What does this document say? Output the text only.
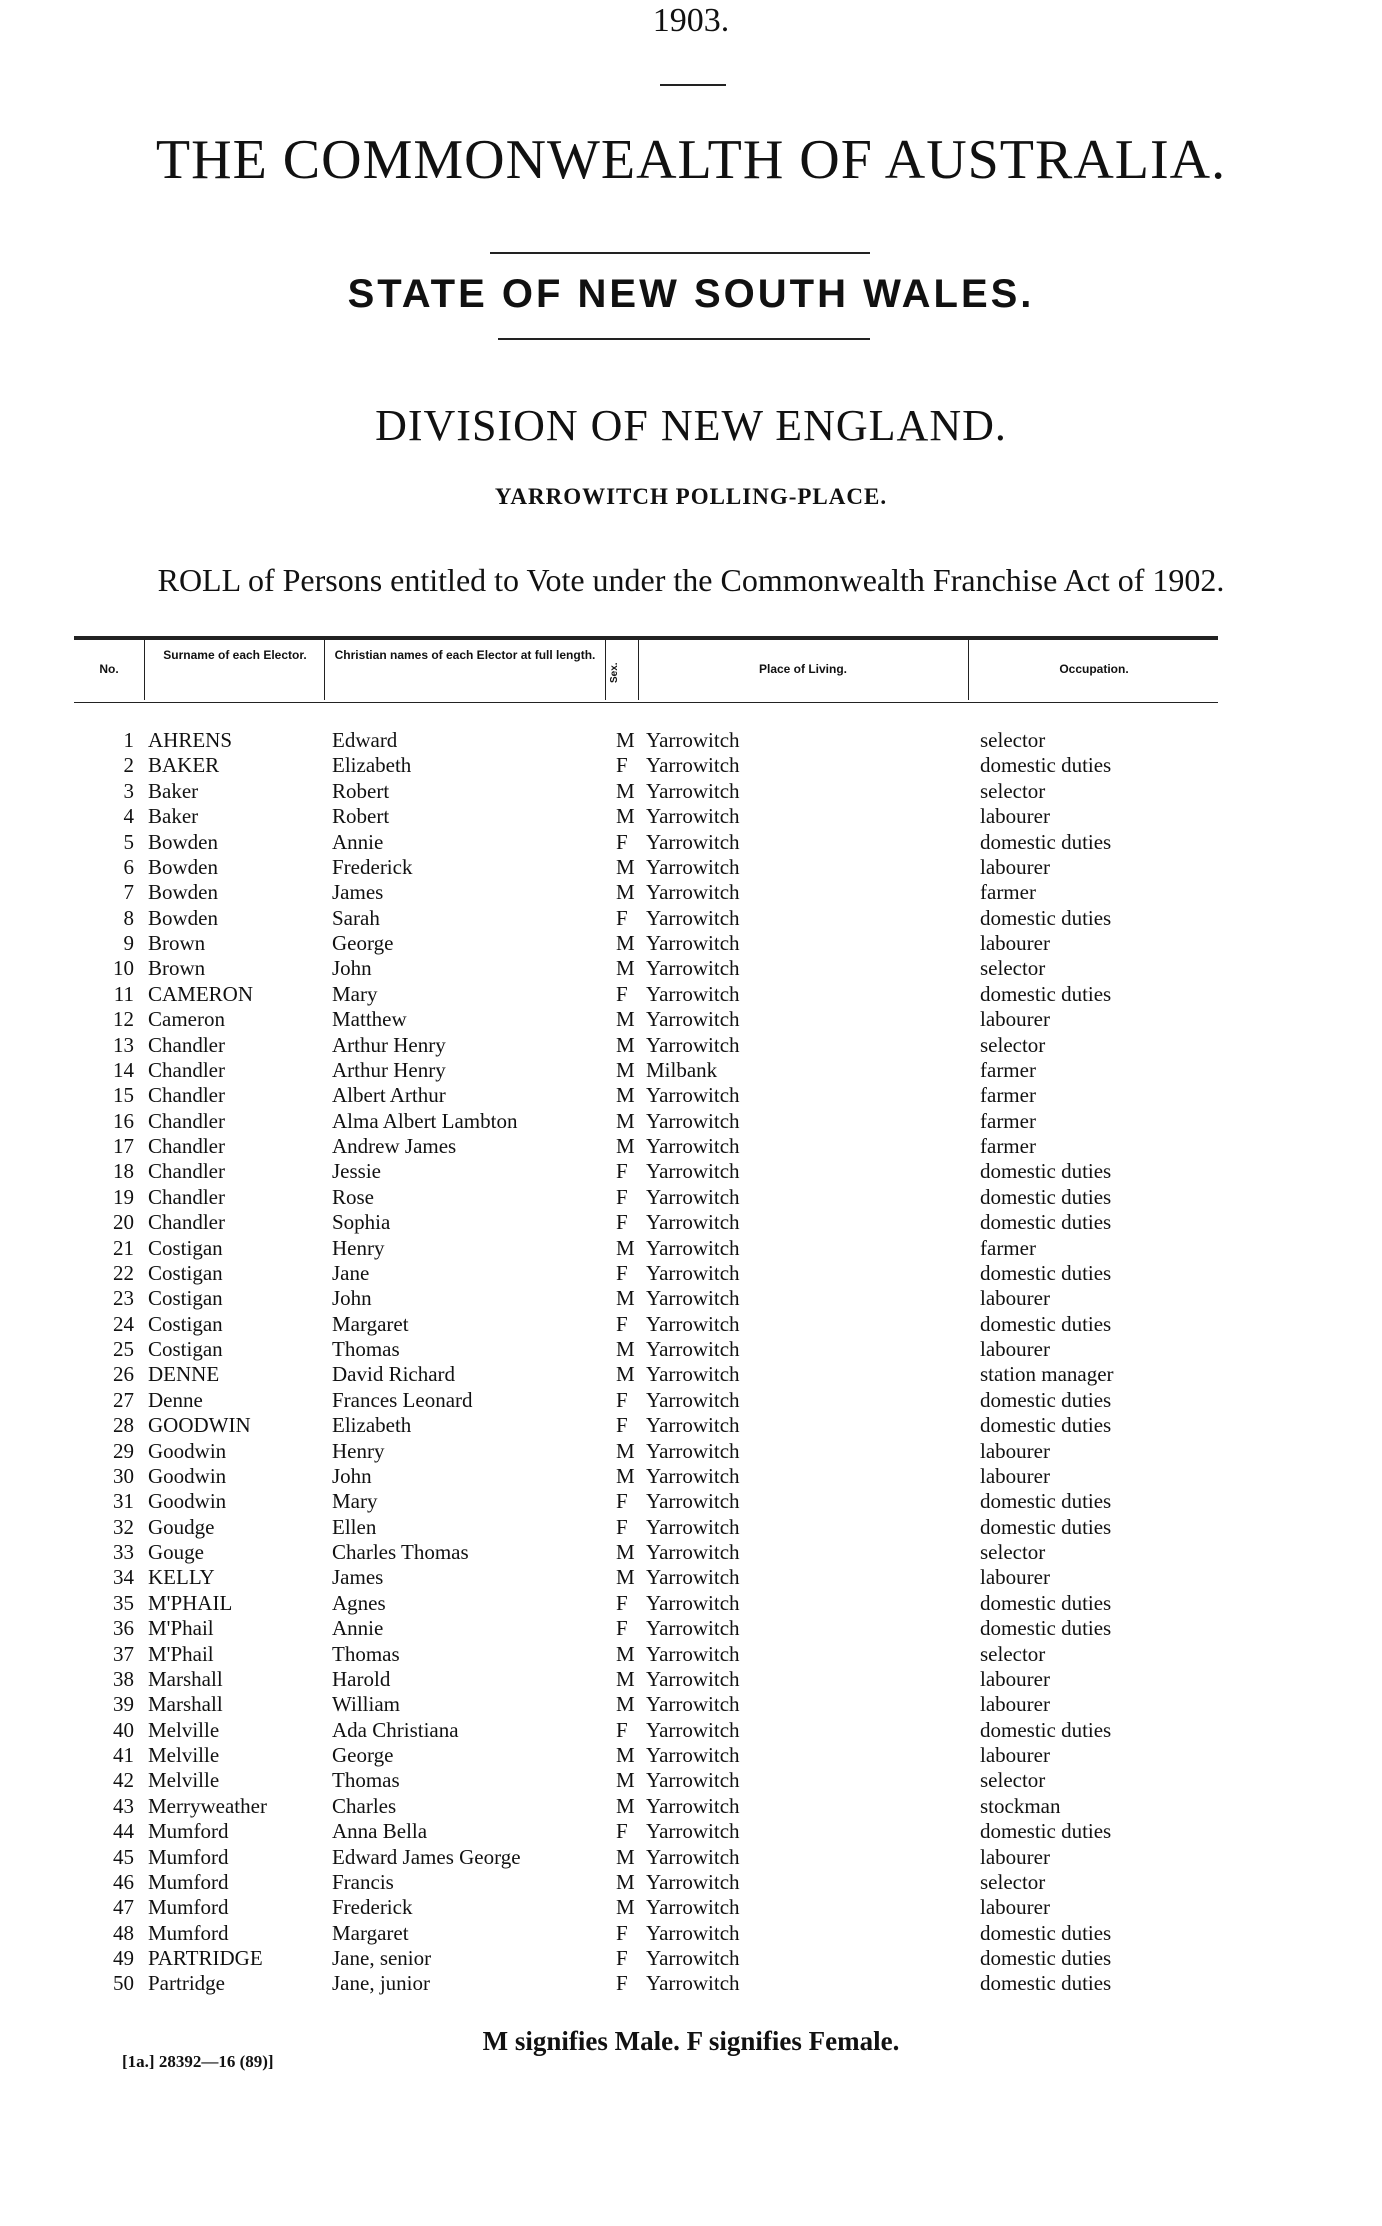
1903.
THE COMMONWEALTH OF AUSTRALIA.
STATE OF NEW SOUTH WALES.
DIVISION OF NEW ENGLAND.
YARROWITCH POLLING-PLACE.
ROLL of Persons entitled to Vote under the Commonwealth Franchise Act of 1902.
No.
Surname of each Elector.	Christian names of each Elector at full length.
Sex.	Place of Living.	Occupation.
1 AHRENS	Edward	M Yarrowitch	selector
2 BAKER	Elizabeth	F Yarrowitch	domestic duties
3 Baker	Robert	M Yarrowitch	selector
4 Baker	Robert	M Yarrowitch	labourer
5 Bowden	Annie	F Yarrowitch	domestic duties
6 Bowden	Frederick	M Yarrowitch	labourer
7 Bowden	James	M Yarrowitch	farmer
8 Bowden	Sarah	F Yarrowitch	domestic duties
9 Brown	George	M Yarrowitch	labourer
10 Brown	John	M Yarrowitch	selector
11 CAMERON	Mary	F Yarrowitch	domestic duties
12 Cameron	Matthew	M Yarrowitch	labourer
13 Chandler	Arthur Henry	M Yarrowitch	selector
14 Chandler	Arthur Henry	M Milbank	farmer
15 Chandler	Albert Arthur	M Yarrowitch	farmer
16 Chandler	Alma Albert Lambton	M Yarrowitch	farmer
17 Chandler	Andrew James	M Yarrowitch	farmer
18 Chandler	Jessie	F Yarrowitch	domestic duties
19 Chandler	Rose	F Yarrowitch	domestic duties
20 Chandler	Sophia	F Yarrowitch	domestic duties
21 Costigan	Henry	M Yarrowitch	farmer
22 Costigan	Jane	F Yarrowitch	domestic duties
23 Costigan	John	M Yarrowitch	labourer
24 Costigan	Margaret	F Yarrowitch	domestic duties
25 Costigan	Thomas	M Yarrowitch	labourer
26 DENNE	David Richard	M Yarrowitch	station manager
27 Denne	Frances Leonard	F Yarrowitch	domestic duties
28 GOODWIN	Elizabeth	F Yarrowitch	domestic duties
29 Goodwin	Henry	M Yarrowitch	labourer
30 Goodwin	John	M Yarrowitch	labourer
31 Goodwin	Mary	F Yarrowitch	domestic duties
32 Goudge	Ellen	F Yarrowitch	domestic duties
33 Gouge	Charles Thomas	M Yarrowitch	selector
34 KELLY	James	M Yarrowitch	labourer
35 M'PHAIL	Agnes	F Yarrowitch	domestic duties
36 M'Phail	Annie	F Yarrowitch	domestic duties
37 M'Phail	Thomas	M Yarrowitch	selector
38 Marshall	Harold	M Yarrowitch	labourer
39 Marshall	William	M Yarrowitch	labourer
40 Melville	Ada Christiana	F Yarrowitch	domestic duties
41 Melville	George	M Yarrowitch	labourer
42 Melville	Thomas	M Yarrowitch	selector
43 Merryweather	Charles	M Yarrowitch	stockman
44 Mumford	Anna Bella	F Yarrowitch	domestic duties
45 Mumford	Edward James George	M Yarrowitch	labourer
46 Mumford	Francis	M Yarrowitch	selector
47 Mumford	Frederick	M Yarrowitch	labourer
48 Mumford	Margaret	F Yarrowitch	domestic duties
49 PARTRIDGE	Jane, senior	F Yarrowitch	domestic duties
50 Partridge	Jane, junior	F Yarrowitch	domestic duties
M signifies Male. F signifies Female.
[1a.] 28392—16 (89)]
